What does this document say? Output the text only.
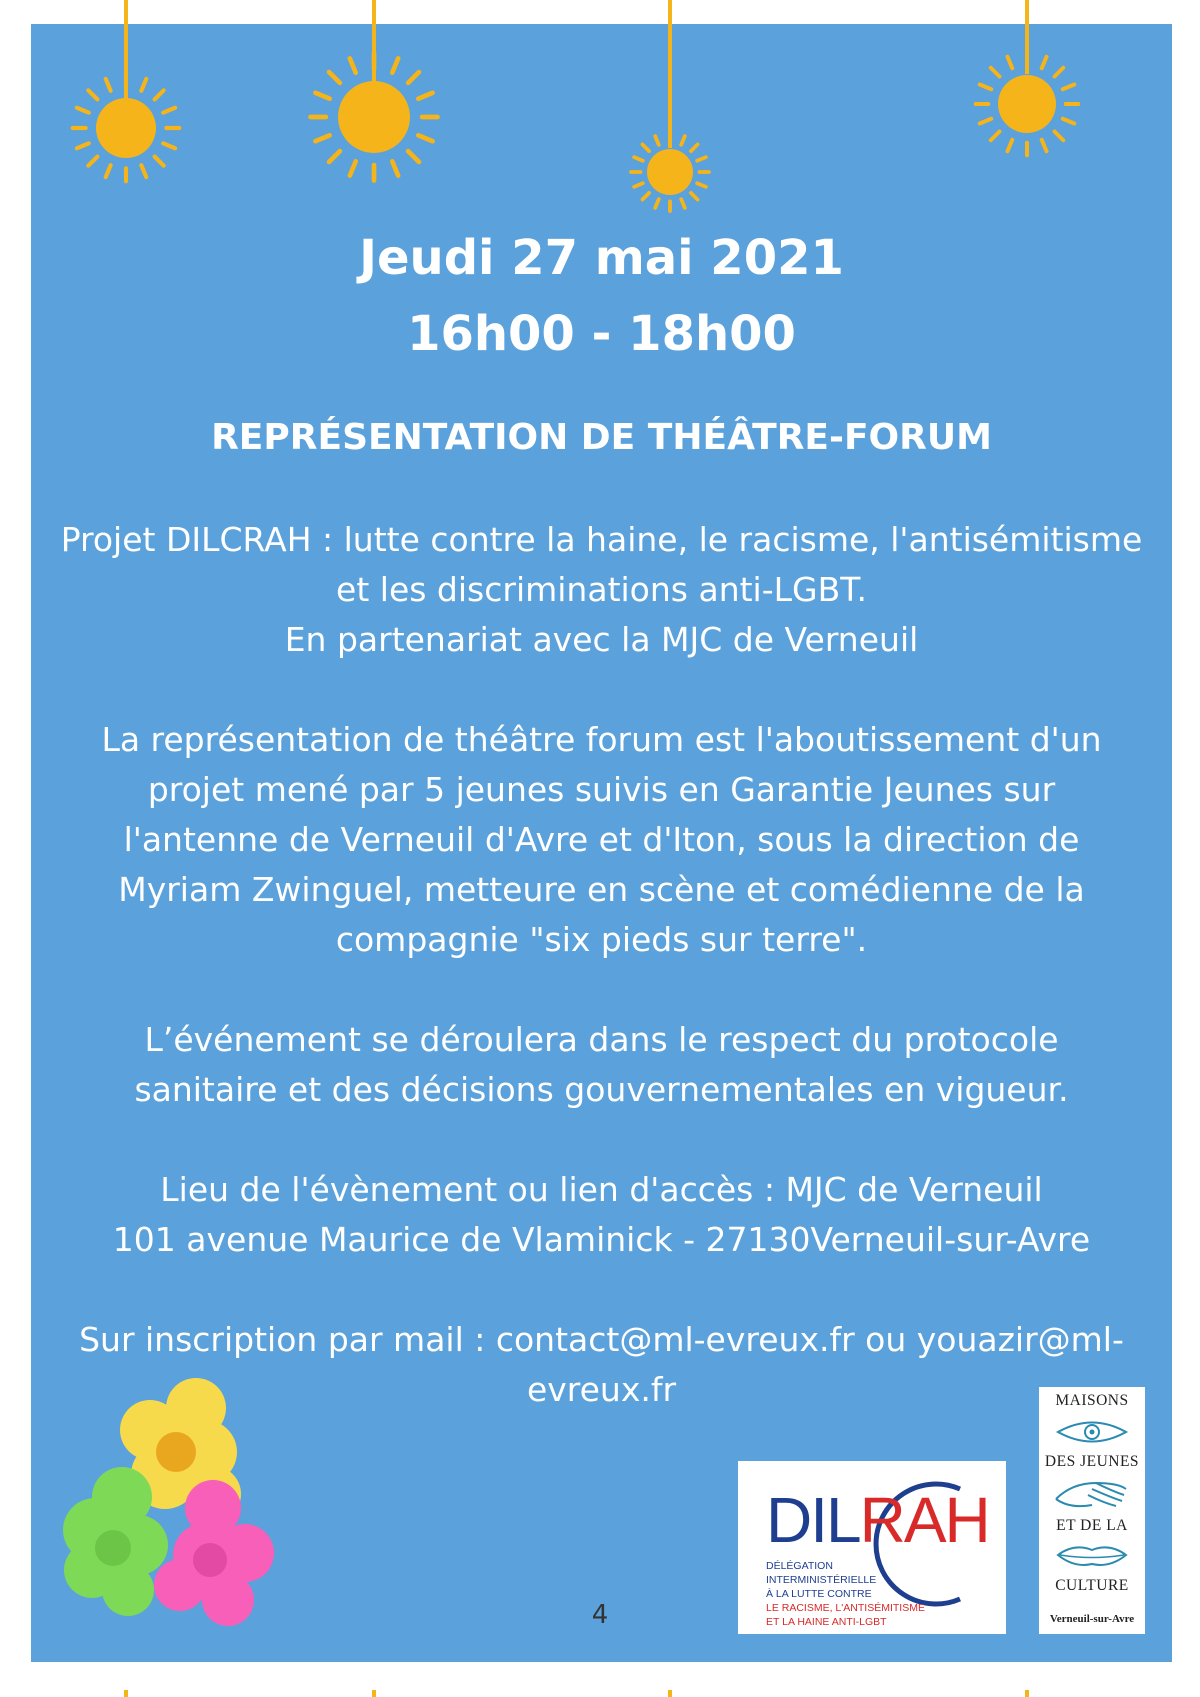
Jeudi 27 mai 2021
16h00 - 18h00
REPRÉSENTATION DE THÉÂTRE-FORUM
Projet DILCRAH : lutte contre la haine, le racisme, l'antisémitisme
et les discriminations anti-LGBT.
En partenariat avec la MJC de Verneuil
La représentation de théâtre forum est l'aboutissement d'un
projet mené par 5 jeunes suivis en Garantie Jeunes sur
l'antenne de Verneuil d'Avre et d'Iton, sous la direction de
Myriam Zwinguel, metteure en scène et comédienne de la
compagnie "six pieds sur terre".
L’événement se déroulera dans le respect du protocole
sanitaire et des décisions gouvernementales en vigueur.
Lieu de l'évènement ou lien d'accès : MJC de Verneuil
101 avenue Maurice de Vlaminick - 27130Verneuil-sur-Avre
Sur inscription par mail : contact@ml-evreux.fr ou youazir@ml-
evreux.fr
4
DILRAH
DÉLÉGATION
INTERMINISTÉRIELLE
À LA LUTTE CONTRE
LE RACISME, L'ANTISÉMITISME
ET LA HAINE ANTI-LGBT
MAISONS
DES JEUNES
ET DE LA
CULTURE
Verneuil-sur-Avre
